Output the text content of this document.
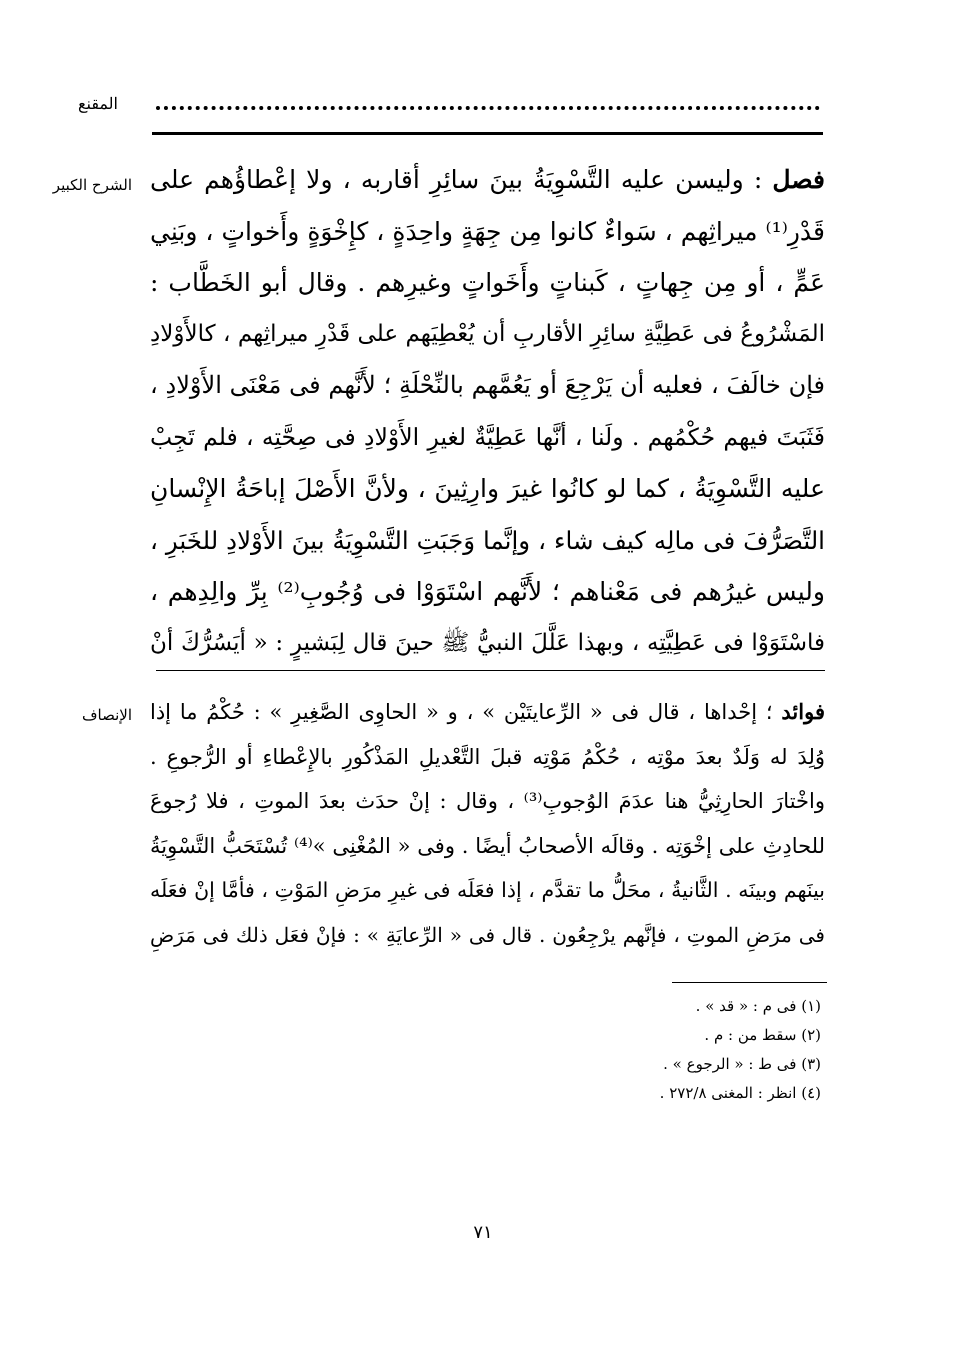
المقنع
الشرح الكبير
الإنصاف
فصل : وليسن عليه التَّسْوِيَةُ بينَ سائِرِ أقاربه ، ولا إعْطاؤُهم على
قَدْرِ⁽¹⁾ ميراثِهم ، سَواءٌ كانوا مِن جِهَةٍ واحِدَةٍ ، كإِخْوَةٍ وأَخواتٍ ، وبَنِي
عَمٍّ ، أو مِن جِهاتٍ ، كَبناتٍ وأَخَواتٍ وغيرِهم . وقال أبو الخَطَّاب :
المَشْرُوعُ فى عَطِيَّةِ سائِرِ الأقاربِ أن يُعْطِيَهم على قَدْرِ ميراثِهم ، كالأَوْلادِ
فإن خالَفَ ، فعليه أن يَرْجِعَ أو يَعُمَّهم بالنِّحْلَةِ ؛ لأَنَّهم فى مَعْنَى الأَوْلادِ ،
فَثَبَتَ فيهم حُكْمُهم . ولَنا ، أنَّها عَطِيَّةٌ لغيرِ الأَوْلادِ فى صِحَّتِه ، فلم تَجِبْ
عليه التَّسْوِيَةُ ، كما لو كانُوا غيرَ وارِثِينَ ، ولأنَّ الأَصْلَ إباحَةُ الإِنْسانِ
التَّصَرُّفَ فى مالِه كيف شاء ، وإنَّما وَجَبَتِ التَّسْوِيَةُ بينَ الأَوْلادِ للخَبَرِ ،
وليس غيرُهم فى مَعْناهم ؛ لأَنَّهم اسْتَوَوْا فى وُجُوبِ⁽²⁾ بِرِّ والِدِهم ،
فاسْتَوَوْا فى عَطِيَّتِه ، وبهذا عَلَّلَ النبيُّ ﷺ حينَ قال لِبَشيرٍ : « أيَسُرُّكَ أنْ
فوائد ؛ إحْداها ، قال فى « الرِّعايتَيْن » ، و « الحاوِى الصَّغِيرِ » : حُكْمُ ما إذا
وُلِدَ له وَلَدٌ بعدَ موْتِه ، حُكْمُ مَوْتِه قبلَ التَّعْديلِ المَذْكُورِ بالإِعْطاءِ أو الرُّجوعِ .
واخْتارَ الحارِثِيُّ هنا عدَمَ الوُجوبِ⁽³⁾ ، وقال : إنْ حدَث بعدَ الموتِ ، فلا رُجوعَ
للحادِثِ على إخْوَتِه . وقالَه الأصحابُ أيضًا . وفى « المُغْنِى »⁽⁴⁾ تُسْتَحَبُّ التَّسْوِيَةُ
بينَهم وبينَه . الثَّانيةُ ، محَلُّ ما تقدَّم ، إذا فعَلَه فى غيرِ مرَضِ المَوْتِ ، فأمَّا إنْ فعَلَه
فى مرَضِ الموتِ ، فإنَّهم يرْجِعُون . قال فى « الرِّعايَةِ » : فإنْ فعَل ذلك فى مَرَضِ
(١) فى م : « قد » .
(٢) سقط من : م .
(٣) فى ط : « الرجوع » .
(٤) انظر : المغنى ٢٧٢/٨ .
٧١
